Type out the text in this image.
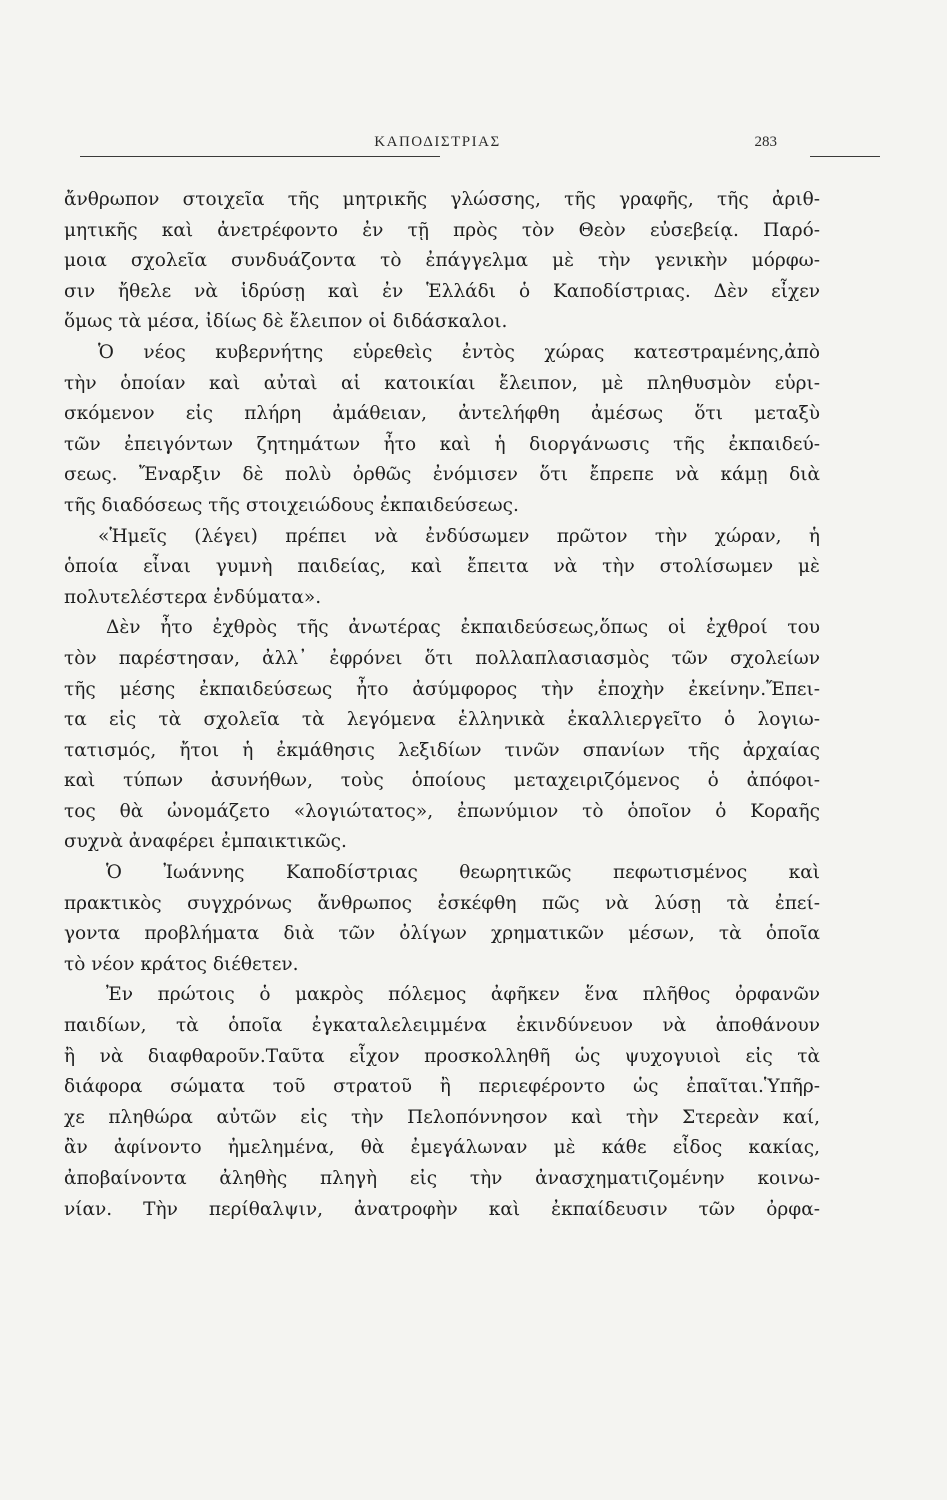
ΚΑΠΟΔΙΣΤΡΙΑΣ	283
ἄνθρωπον στοιχεῖα τῆς μητρικῆς γλώσσης, τῆς γραφῆς, τῆς ἀριθ-
μητικῆς καὶ ἀνετρέφοντο ἐν τῇ πρὸς τὸν Θεὸν εὐσεβείᾳ. Παρό-
μοια σχολεῖα συνδυάζοντα τὸ ἐπάγγελμα μὲ τὴν γενικὴν μόρφω-
σιν ἤθελε νὰ ἱδρύσῃ καὶ ἐν Ἑλλάδι ὁ Καποδίστριας. Δὲν εἶχεν
ὅμως τὰ μέσα, ἰδίως δὲ ἔλειπον οἱ διδάσκαλοι.
Ὁ νέος κυβερνήτης εὑρεθεὶς ἐντὸς χώρας κατεστραμένης,ἀπὸ
τὴν ὁποίαν καὶ αὐταὶ αἱ κατοικίαι ἔλειπον, μὲ πληθυσμὸν εὑρι-
σκόμενον εἰς πλήρη ἀμάθειαν, ἀντελήφθη ἀμέσως ὅτι μεταξὺ
τῶν ἐπειγόντων ζητημάτων ἦτο καὶ ἡ διοργάνωσις τῆς ἐκπαιδεύ-
σεως. Ἔναρξιν δὲ πολὺ ὀρθῶς ἐνόμισεν ὅτι ἔπρεπε νὰ κάμῃ διὰ
τῆς διαδόσεως τῆς στοιχειώδους ἐκπαιδεύσεως.
«Ἡμεῖς (λέγει) πρέπει νὰ ἐνδύσωμεν πρῶτον τὴν χώραν, ἡ
ὁποία εἶναι γυμνὴ παιδείας, καὶ ἔπειτα νὰ τὴν στολίσωμεν μὲ
πολυτελέστερα ἐνδύματα».
Δὲν ἦτο ἐχθρὸς τῆς ἀνωτέρας ἐκπαιδεύσεως,ὅπως οἱ ἐχθροί του
τὸν παρέστησαν, ἀλλ᾿ ἐφρόνει ὅτι πολλαπλασιασμὸς τῶν σχολείων
τῆς μέσης ἐκπαιδεύσεως ἦτο ἀσύμφορος τὴν ἐποχὴν ἐκείνην.Ἔπει-
τα εἰς τὰ σχολεῖα τὰ λεγόμενα ἑλληνικὰ ἐκαλλιεργεῖτο ὁ λογιω-
τατισμός, ἤτοι ἡ ἐκμάθησις λεξιδίων τινῶν σπανίων τῆς ἀρχαίας
καὶ τύπων ἀσυνήθων, τοὺς ὁποίους μεταχειριζόμενος ὁ ἀπόφοι-
τος θὰ ὠνομάζετο «λογιώτατος», ἐπωνύμιον τὸ ὁποῖον ὁ Κοραῆς
συχνὰ ἀναφέρει ἐμπαικτικῶς.
Ὁ Ἰωάννης Καποδίστριας θεωρητικῶς πεφωτισμένος καὶ
πρακτικὸς συγχρόνως ἄνθρωπος ἐσκέφθη πῶς νὰ λύσῃ τὰ ἐπεί-
γοντα προβλήματα διὰ τῶν ὀλίγων χρηματικῶν μέσων, τὰ ὁποῖα
τὸ νέον κράτος διέθετεν.
Ἐν πρώτοις ὁ μακρὸς πόλεμος ἀφῆκεν ἕνα πλῆθος ὀρφανῶν
παιδίων, τὰ ὁποῖα ἐγκαταλελειμμένα ἐκινδύνευον νὰ ἀποθάνουν
ἢ νὰ διαφθαροῦν.Ταῦτα εἶχον προσκολληθῆ ὡς ψυχογυιοὶ εἰς τὰ
διάφορα σώματα τοῦ στρατοῦ ἢ περιεφέροντο ὡς ἐπαῖται.Ὑπῆρ-
χε πληθώρα αὐτῶν εἰς τὴν Πελοπόννησον καὶ τὴν Στερεὰν καί,
ἂν ἀφίνοντο ἠμελημένα, θὰ ἐμεγάλωναν μὲ κάθε εἶδος κακίας,
ἀποβαίνοντα ἀληθὴς πληγὴ εἰς τὴν ἀνασχηματιζομένην κοινω-
νίαν. Τὴν περίθαλψιν, ἀνατροφὴν καὶ ἐκπαίδευσιν τῶν ὀρφα-
